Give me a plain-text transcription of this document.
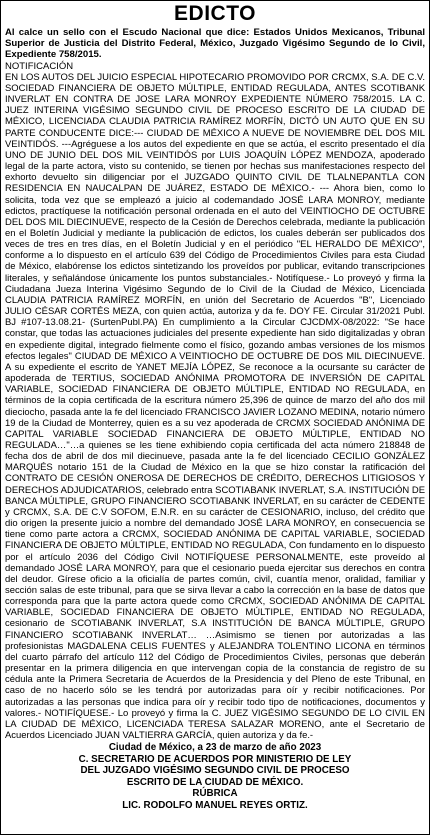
EDICTO

Al calce un sello con el Escudo Nacional que dice: Estados Unidos Mexicanos, Tribunal Superior de Justicia del Distrito Federal, México, Juzgado Vigésimo Segundo de lo Civil, Expediente 758/2015.

NOTIFICACIÓN

EN LOS AUTOS DEL JUICIO ESPECIAL HIPOTECARIO PROMOVIDO POR CRCMX, S.A. DE C.V. SOCIEDAD FINANCIERA DE OBJETO MÚLTIPLE, ENTIDAD REGULADA, ANTES SCOTIBANK INVERLAT EN CONTRA DE JOSE LARA MONROY EXPEDIENTE NÚMERO 758/2015. LA C. JUEZ INTERINA VIGÉSIMO SEGUNDO CIVIL DE PROCESO ESCRITO DE LA CIUDAD DE MÉXICO, LICENCIADA CLAUDIA PATRICIA RAMÍREZ MORFÍN, DICTÓ UN AUTO QUE EN SU PARTE CONDUCENTE DICE:--- CIUDAD DE MÉXICO A NUEVE DE NOVIEMBRE DEL DOS MIL VEINTIDÓS. ---Agréguese a los autos del expediente en que se actúa, el escrito presentado el día UNO DE JUNIO DEL DOS MIL VEINTIDÓS por LUIS JOAQUÍN LÓPEZ MENDOZA, apoderado legal de la parte actora, visto su contenido, se tienen por hechas sus manifestaciones respecto del exhorto devuelto sin diligenciar por el JUZGADO QUINTO CIVIL DE TLALNEPANTLA CON RESIDENCIA EN NAUCALPAN DE JUÁREZ, ESTADO DE MÉXICO.- --- Ahora bien, como lo solicita, toda vez que se empleazó a juicio al codemandado JOSÉ LARA MONROY, mediante edictos, practíquese la notificación personal ordenada en el auto del VEINTIOCHO DE OCTUBRE DEL DOS MIL DIECINUEVE, respecto de la Cesión de Derechos celebrada, mediante la publicación en el Boletín Judicial y mediante la publicación de edictos, los cuales deberán ser publicados dos veces de tres en tres días, en el Boletín Judicial y en el periódico "EL HERALDO DE MÉXICO", conforme a lo dispuesto en el artículo 639 del Código de Procedimientos Civiles para esta Ciudad de México, elabórense los edictos sintetizando los proveídos por publicar, evitando transcripciones literales, y señalándose únicamente los puntos substanciales.- Notifíquese.- Lo proveyó y firma la Ciudadana Jueza Interina Vigésimo Segundo de lo Civil de la Ciudad de México, Licenciada CLAUDIA PATRICIA RAMÍREZ MORFÍN, en unión del Secretario de Acuerdos "B", Licenciado JULIO CÉSAR CORTÉS MEZA, con quien actúa, autoriza y da fe. DOY FE. Circular 31/2021 Publ. BJ #107-13.08.21- (SurtenPubl.PA) En cumplimiento a la Circular CJCDMX-08/2022: "Se hace constar, que todas las actuaciones judiciales del presente expediente han sido digitalizadas y obran en expediente digital, integrado fielmente como el físico, gozando ambas versiones de los mismos efectos legales" CIUDAD DE MÉXICO A VEINTIOCHO DE OCTUBRE DE DOS MIL DIECINUEVE. A su expediente el escrito de YANET MEJÍA LÓPEZ, Se reconoce a la ocursante su carácter de apoderada de TERTIUS, SOCIEDAD ANÓNIMA PROMOTORA DE INVERSIÓN DE CAPITAL VARIABLE, SOCIEDAD FINANCIERA DE OBJETO MÚLTIPLE, ENTIDAD NO REGULADA, en términos de la copia certificada de la escritura número 25,396 de quince de marzo del año dos mil dieciocho, pasada ante la fe del licenciado FRANCISCO JAVIER LOZANO MEDINA, notario número 19 de la Ciudad de Monterrey, quien es a su vez apoderada de CRCMX SOCIEDAD ANÓNIMA DE CAPITAL VARIABLE SOCIEDAD FINANCIERA DE OBJETO MÚLTIPLE, ENTIDAD NO REGULADA…"…a quienes se les tiene exhibiendo copia certificada del acta número 218848 de fecha dos de abril de dos mil diecinueve, pasada ante la fe del licenciado CECILIO GONZÁLEZ MARQUÉS notario 151 de la Ciudad de México en la que se hizo constar la ratificación del CONTRATO DE CESIÓN ONEROSA DE DERECHOS DE CRÉDITO, DERECHOS LITIGIOSOS Y DERECHOS ADJUDICATARIOS, celebrado entra SCOTIABANK INVERLAT, S.A. INSTITUCIÓN DE BANCA MÚLTIPLE, GRUPO FINANCIERO SCOTIABANK INVERLAT, en su carácter de CEDENTE y CRCMX, S.A. DE C.V SOFOM, E.N.R. en su carácter de CESIONARIO, incluso, del crédito que dio origen la presente juicio a nombre del demandado JOSÉ LARA MONROY, en consecuencia se tiene como parte actora a CRCMX, SOCIEDAD ANÓNIMA DE CAPITAL VARIABLE, SOCIEDAD FINANCIERA DE OBJETO MÚLTIPLE, ENTIDAD NO REGULADA, Con fundamento en lo dispuesto por el artículo 2036 del Código Civil NOTIFÍQUESE PERSONALMENTE, este proveído al demandado JOSÉ LARA MONROY, para que el cesionario pueda ejercitar sus derechos en contra del deudor. Gírese oficio a la oficialía de partes común, civil, cuantía menor, oralidad, familiar y sección salas de este tribunal, para que se sirva llevar a cabo la corrección en la base de datos que corresponda para que la parte actora quede como CRCMX, SOCIEDAD ANÓNIMA DE CAPITAL VARIABLE, SOCIEDAD FINANCIERA DE OBJETO MÚLTIPLE, ENTIDAD NO REGULADA, cesionario de SCOTIABANK INVERLAT, S.A INSTITUCIÓN DE BANCA MÚLTIPLE, GRUPO FINANCIERO SCOTIABANK INVERLAT… …Asimismo se tienen por autorizadas a las profesionistas MAGDALENA CELIS FUENTES y ALEJANDRA TOLENTINO LICONA en términos del cuarto párrafo del artículo 112 del Código de Procedimientos Civiles, personas que deberán presentar en la primera diligencia en que intervengan copia de la constancia de registro de su cédula ante la Primera Secretaria de Acuerdos de la Presidencia y del Pleno de este Tribunal, en caso de no hacerlo sólo se les tendrá por autorizadas para oír y recibir notificaciones. Por autorizadas a las personas que indica para oír y recibir todo tipo de notificaciones, documentos y valores.- NOTIFÍQUESE.- Lo proveyó y firma la C. JUEZ VIGÉSIMO SEGUNDO DE LO CIVIL EN LA CIUDAD DE MÉXICO, LICENCIADA TERESA SALAZAR MORENO, ante el Secretario de Acuerdos Licenciado JUAN VALTIERRA GARCÍA, quien autoriza y da fe.-

Ciudad de México, a 23 de marzo de año 2023

C. SECRETARIO DE ACUERDOS POR MINISTERIO DE LEY

DEL JUZGADO VIGÉSIMO SEGUNDO CIVIL DE PROCESO

ESCRITO DE LA CIUDAD DE MÉXICO.

RÚBRICA

LIC. RODOLFO MANUEL REYES ORTIZ.
